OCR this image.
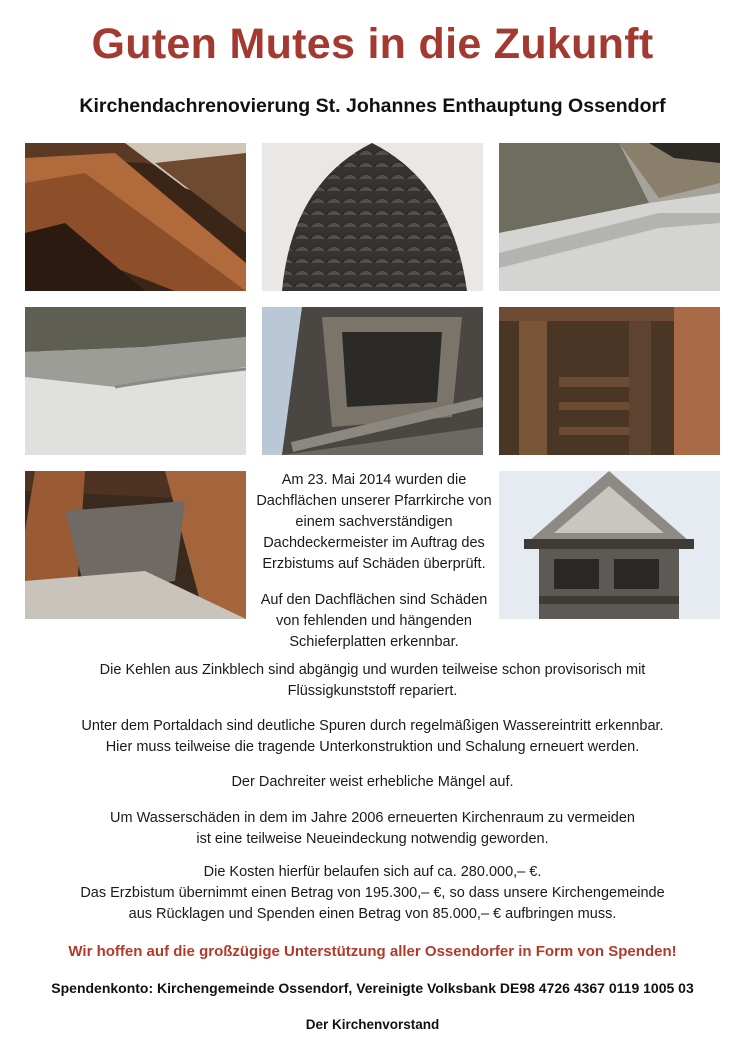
Guten Mutes in die Zukunft
Kirchendachrenovierung St. Johannes Enthauptung Ossendorf

Am 23. Mai 2014 wurden die Dachflächen unserer Pfarrkirche von einem sachverständigen Dachdeckermeister im Auftrag des Erzbistums auf Schäden überprüft.

Auf den Dachflächen sind Schäden von fehlenden und hängenden Schieferplatten erkennbar.

Die Kehlen aus Zinkblech sind abgängig und wurden teilweise schon provisorisch mit

Flüssigkunststoff repariert.

Unter dem Portaldach sind deutliche Spuren durch regelmäßigen Wassereintritt erkennbar.

Hier muss teilweise die tragende Unterkonstruktion und Schalung erneuert werden.

Der Dachreiter weist erhebliche Mängel auf.

Um Wasserschäden in dem im Jahre 2006 erneuerten Kirchenraum zu vermeiden

ist eine teilweise Neueindeckung notwendig geworden.

Die Kosten hierfür belaufen sich auf ca. 280.000,– €.

Das Erzbistum übernimmt einen Betrag von 195.300,– €, so dass unsere Kirchengemeinde

aus Rücklagen und Spenden einen Betrag von 85.000,– € aufbringen muss.

Wir hoffen auf die großzügige Unterstützung aller Ossendorfer in Form von Spenden!
Spendenkonto: Kirchengemeinde Ossendorf, Vereinigte Volksbank DE98 4726 4367 0119 1005 03
Der Kirchenvorstand
